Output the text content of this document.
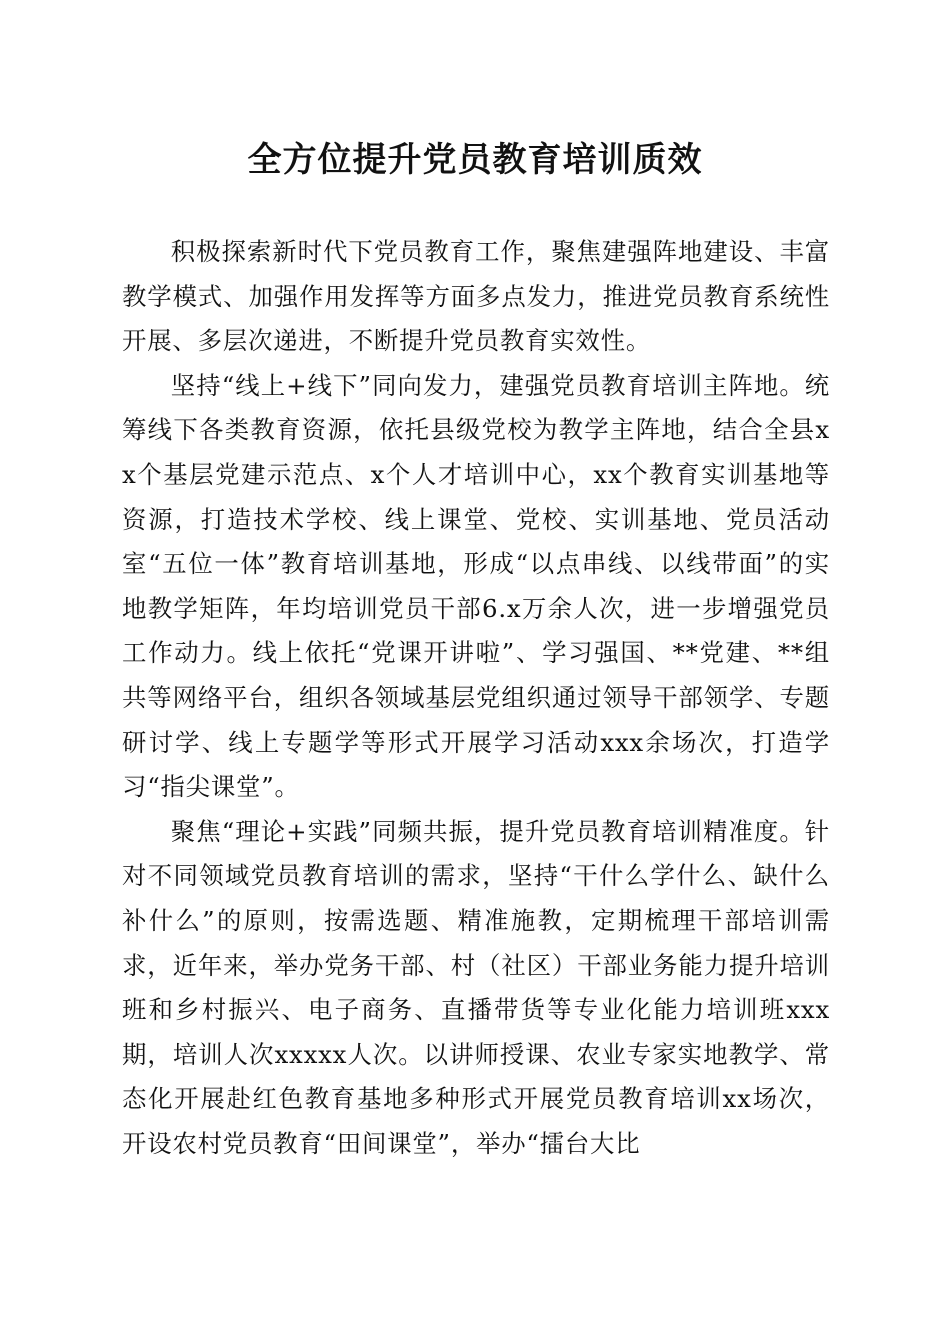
全方位提升党员教育培训质效

积极探索新时代下党员教育工作，聚焦建强阵地建设、丰富教学模式、加强作用发挥等方面多点发力，推进党员教育系统性开展、多层次递进，不断提升党员教育实效性。

坚持“线上+线下”同向发力，建强党员教育培训主阵地。统筹线下各类教育资源，依托县级党校为教学主阵地，结合全县xx个基层党建示范点、x个人才培训中心，xx个教育实训基地等资源，打造技术学校、线上课堂、党校、实训基地、党员活动室“五位一体”教育培训基地，形成“以点串线、以线带面”的实地教学矩阵，年均培训党员干部6.x万余人次，进一步增强党员工作动力。线上依托“党课开讲啦”、学习强国、**党建、**组共等网络平台，组织各领域基层党组织通过领导干部领学、专题研讨学、线上专题学等形式开展学习活动xxx余场次，打造学习“指尖课堂”。

聚焦“理论+实践”同频共振，提升党员教育培训精准度。针对不同领域党员教育培训的需求，坚持“干什么学什么、缺什么补什么”的原则，按需选题、精准施教，定期梳理干部培训需求，近年来，举办党务干部、村（社区）干部业务能力提升培训班和乡村振兴、电子商务、直播带货等专业化能力培训班xxx期，培训人次xxxxx人次。以讲师授课、农业专家实地教学、常态化开展赴红色教育基地多种形式开展党员教育培训xx场次，开设农村党员教育“田间课堂”，举办“擂台大比
